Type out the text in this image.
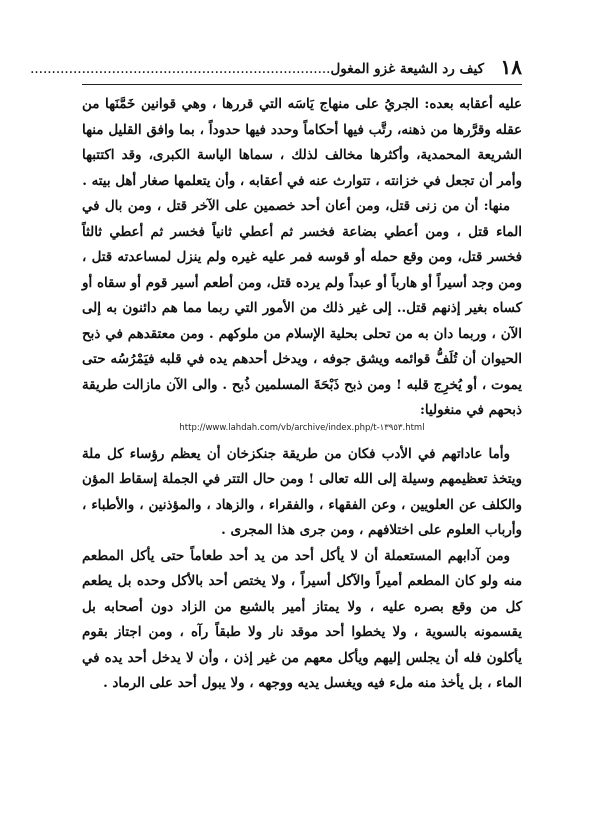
١٨
كيف رد الشيعة غزو المغول......................................................................

عليه أعقابه بعده: الجريُ على منهاج يَاسَه التي قررها ، وهي قوانين خَمَّنَها من عقله وقرَّرها من ذهنه، رتَّب فيها أحكاماً وحدد فيها حدوداً ، بما وافق القليل منها الشريعة المحمدية، وأكثرها مخالف لذلك ، سماها الياسة الكبرى، وقد اكتتبها وأمر أن تجعل في خزانته ، تتوارث عنه في أعقابه ، وأن يتعلمها صغار أهل بيته .

منها: أن من زنى قتل، ومن أعان أحد خصمين على الآخر قتل ، ومن بال في الماء قتل ، ومن أعطي بضاعة فخسر ثم أعطي ثانياً فخسر ثم أعطي ثالثاً فخسر قتل، ومن وقع حمله أو قوسه فمر عليه غيره ولم ينزل لمساعدته قتل ، ومن وجد أسيراً أو هارباً أو عبداً ولم يرده قتل، ومن أطعم أسير قوم أو سقاه أو كساه بغير إذنهم قتل.. إلى غير ذلك من الأمور التي ربما مما هم دائنون به إلى الآن ، وربما دان به من تحلى بحلية الإسلام من ملوكهم . ومن معتقدهم في ذبح الحيوان أن تُلَفُّ قوائمه ويشق جوفه ، ويدخل أحدهم يده في قلبه فيَمْرُسُه حتى يموت ، أو يُخرِج قلبه ! ومن ذبح ذَبْحَةَ المسلمين ذُبح . والى الآن مازالت طريقة ذبحهم في منغوليا:

http://www.lahdah.com/vb/archive/index.php/t-١٣٩٥٣.html

وأما عاداتهم في الأدب فكان من طريقة جنكزخان أن يعظم رؤساء كل ملة ويتخذ تعظيمهم وسيلة إلى الله تعالى ! ومن حال التتر في الجملة إسقاط المؤن والكلف عن العلويين ، وعن الفقهاء ، والفقراء ، والزهاد ، والمؤذنين ، والأطباء ، وأرباب العلوم على اختلافهم ، ومن جرى هذا المجرى .

ومن آدابهم المستعملة أن لا يأكل أحد من يد أحد طعاماً حتى يأكل المطعم منه ولو كان المطعم أميراً والآكل أسيراً ، ولا يختص أحد بالأكل وحده بل يطعم كل من وقع بصره عليه ، ولا يمتاز أمير بالشبع من الزاد دون أصحابه بل يقسمونه بالسوية ، ولا يخطوا أحد موقد نار ولا طبقاً رآه ، ومن اجتاز بقوم يأكلون فله أن يجلس إليهم ويأكل معهم من غير إذن ، وأن لا يدخل أحد يده في الماء ، بل يأخذ منه ملء فيه ويغسل يديه ووجهه ، ولا يبول أحد على الرماد .
